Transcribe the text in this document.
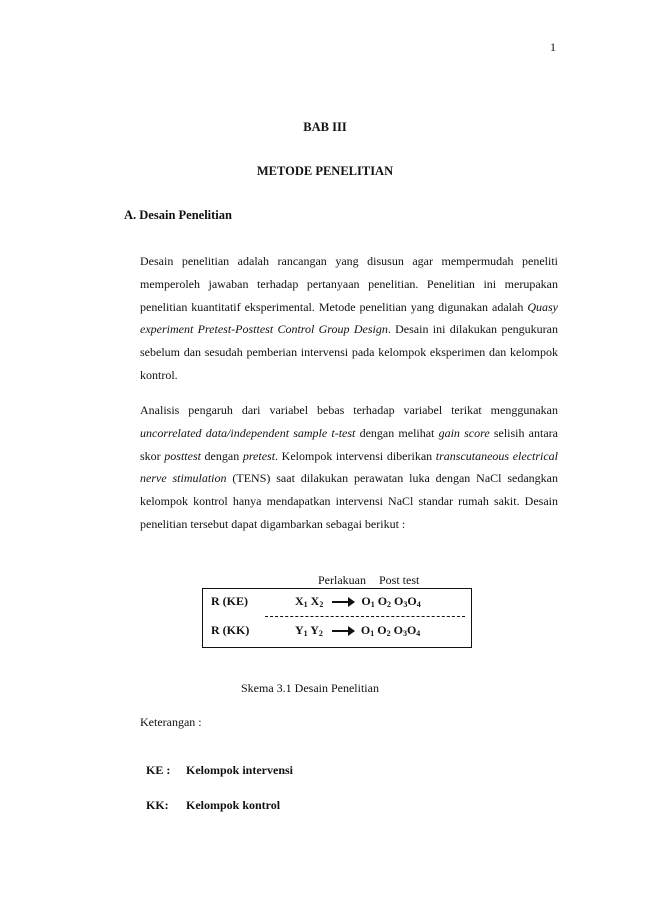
1
BAB III
METODE PENELITIAN
A. Desain Penelitian
Desain penelitian adalah rancangan yang disusun agar mempermudah peneliti memperoleh jawaban terhadap pertanyaan penelitian. Penelitian ini merupakan penelitian kuantitatif eksperimental. Metode penelitian yang digunakan adalah Quasy experiment Pretest-Posttest Control Group Design. Desain ini dilakukan pengukuran sebelum dan sesudah pemberian intervensi pada kelompok eksperimen dan kelompok kontrol.
Analisis pengaruh dari variabel bebas terhadap variabel terikat menggunakan uncorrelated data/independent sample t-test dengan melihat gain score selisih antara skor posttest dengan pretest. Kelompok intervensi diberikan transcutaneous electrical nerve stimulation (TENS) saat dilakukan perawatan luka dengan NaCl sedangkan kelompok kontrol hanya mendapatkan intervensi NaCl standar rumah sakit. Desain penelitian tersebut dapat digambarkan sebagai berikut :
Perlakuan Post test
R (KE)	$X_1$ $X_2$	$O_1$ $O_2$ $O_3O_4$
R (KK)	$Y_1$ $Y_2$	$O_1$ $O_2$ $O_3O_4$
Skema 3.1 Desain Penelitian
Keterangan :
KE : Kelompok intervensi
KK: Kelompok kontrol
